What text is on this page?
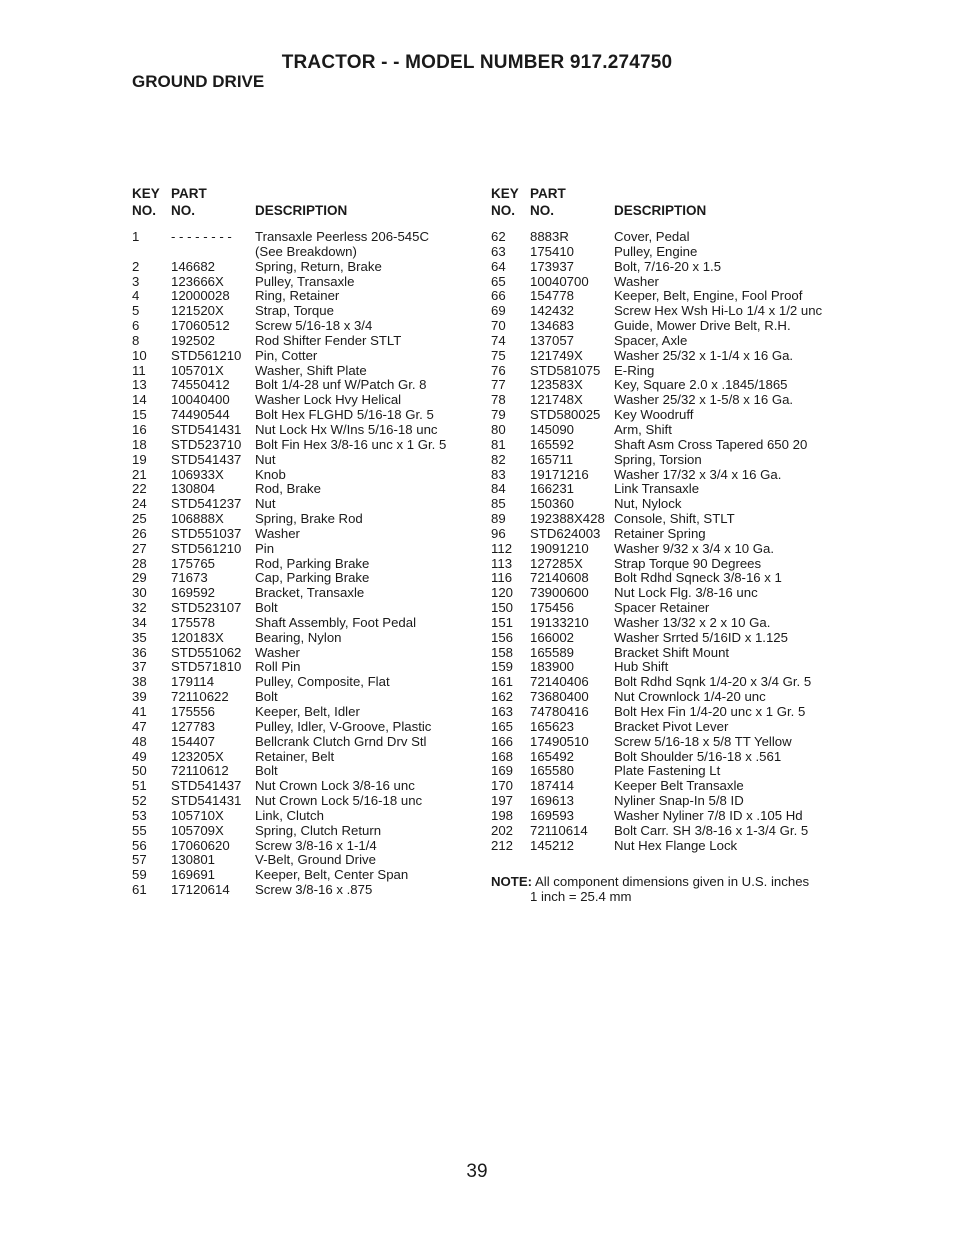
TRACTOR - - MODEL NUMBER 917.274750
GROUND DRIVE
KEY PART
NO.	NO.	DESCRIPTION
1	- - - - - - - -	Transaxle Peerless 206-545C
(See Breakdown)
2	146682	Spring, Return, Brake
3	123666X	Pulley, Transaxle
4	12000028	Ring, Retainer
5	121520X	Strap, Torque
6	17060512	Screw 5/16-18 x 3/4
8	192502	Rod Shifter Fender STLT
10	STD561210	Pin, Cotter
11	105701X	Washer, Shift Plate
13	74550412	Bolt 1/4-28 unf W/Patch Gr. 8
14	10040400	Washer Lock Hvy Helical
15	74490544	Bolt Hex FLGHD 5/16-18 Gr. 5
16	STD541431	Nut Lock Hx W/Ins 5/16-18 unc
18	STD523710	Bolt Fin Hex 3/8-16 unc x 1 Gr. 5
19	STD541437	Nut
21	106933X	Knob
22	130804	Rod, Brake
24	STD541237	Nut
25	106888X	Spring, Brake Rod
26	STD551037	Washer
27	STD561210	Pin
28	175765	Rod, Parking Brake
29	71673	Cap, Parking Brake
30	169592	Bracket, Transaxle
32	STD523107	Bolt
34	175578	Shaft Assembly, Foot Pedal
35	120183X	Bearing, Nylon
36	STD551062	Washer
37	STD571810	Roll Pin
38	179114	Pulley, Composite, Flat
39	72110622	Bolt
41	175556	Keeper, Belt, Idler
47	127783	Pulley, Idler, V-Groove, Plastic
48	154407	Bellcrank Clutch Grnd Drv Stl
49	123205X	Retainer, Belt
50	72110612	Bolt
51	STD541437	Nut Crown Lock 3/8-16 unc
52	STD541431	Nut Crown Lock 5/16-18 unc
53	105710X	Link, Clutch
55	105709X	Spring, Clutch Return
56	17060620	Screw 3/8-16 x 1-1/4
57	130801	V-Belt, Ground Drive
59	169691	Keeper, Belt, Center Span
61	17120614	Screw 3/8-16 x .875
KEY PART
NO.	NO.	DESCRIPTION
62	8883R	Cover, Pedal
63	175410	Pulley, Engine
64	173937	Bolt, 7/16-20 x 1.5
65	10040700	Washer
66	154778	Keeper, Belt, Engine, Fool Proof
69	142432	Screw Hex Wsh Hi-Lo 1/4 x 1/2 unc
70	134683	Guide, Mower Drive Belt, R.H.
74	137057	Spacer, Axle
75	121749X	Washer 25/32 x 1-1/4 x 16 Ga.
76	STD581075	E-Ring
77	123583X	Key, Square 2.0 x .1845/1865
78	121748X	Washer 25/32 x 1-5/8 x 16 Ga.
79	STD580025	Key Woodruff
80	145090	Arm, Shift
81	165592	Shaft Asm Cross Tapered 650 20
82	165711	Spring, Torsion
83	19171216	Washer 17/32 x 3/4 x 16 Ga.
84	166231	Link Transaxle
85	150360	Nut, Nylock
89	192388X428 Console, Shift, STLT
96	STD624003	Retainer Spring
112	19091210	Washer 9/32 x 3/4 x 10 Ga.
113	127285X	Strap Torque 90 Degrees
116	72140608	Bolt Rdhd Sqneck 3/8-16 x 1
120	73900600	Nut Lock Flg. 3/8-16 unc
150	175456	Spacer Retainer
151	19133210	Washer 13/32 x 2 x 10 Ga.
156	166002	Washer Srrted 5/16ID x 1.125
158	165589	Bracket Shift Mount
159	183900	Hub Shift
161	72140406	Bolt Rdhd Sqnk 1/4-20 x 3/4 Gr. 5
162	73680400	Nut Crownlock 1/4-20 unc
163	74780416	Bolt Hex Fin 1/4-20 unc x 1 Gr. 5
165	165623	Bracket Pivot Lever
166	17490510	Screw 5/16-18 x 5/8 TT Yellow
168	165492	Bolt Shoulder 5/16-18 x .561
169	165580	Plate Fastening Lt
170	187414	Keeper Belt Transaxle
197	169613	Nyliner Snap-In 5/8 ID
198	169593	Washer Nyliner 7/8 ID x .105 Hd
202	72110614	Bolt Carr. SH 3/8-16 x 1-3/4 Gr. 5
212	145212	Nut Hex Flange Lock
NOTE: All component dimensions given in U.S. inches
1 inch = 25.4 mm
39
